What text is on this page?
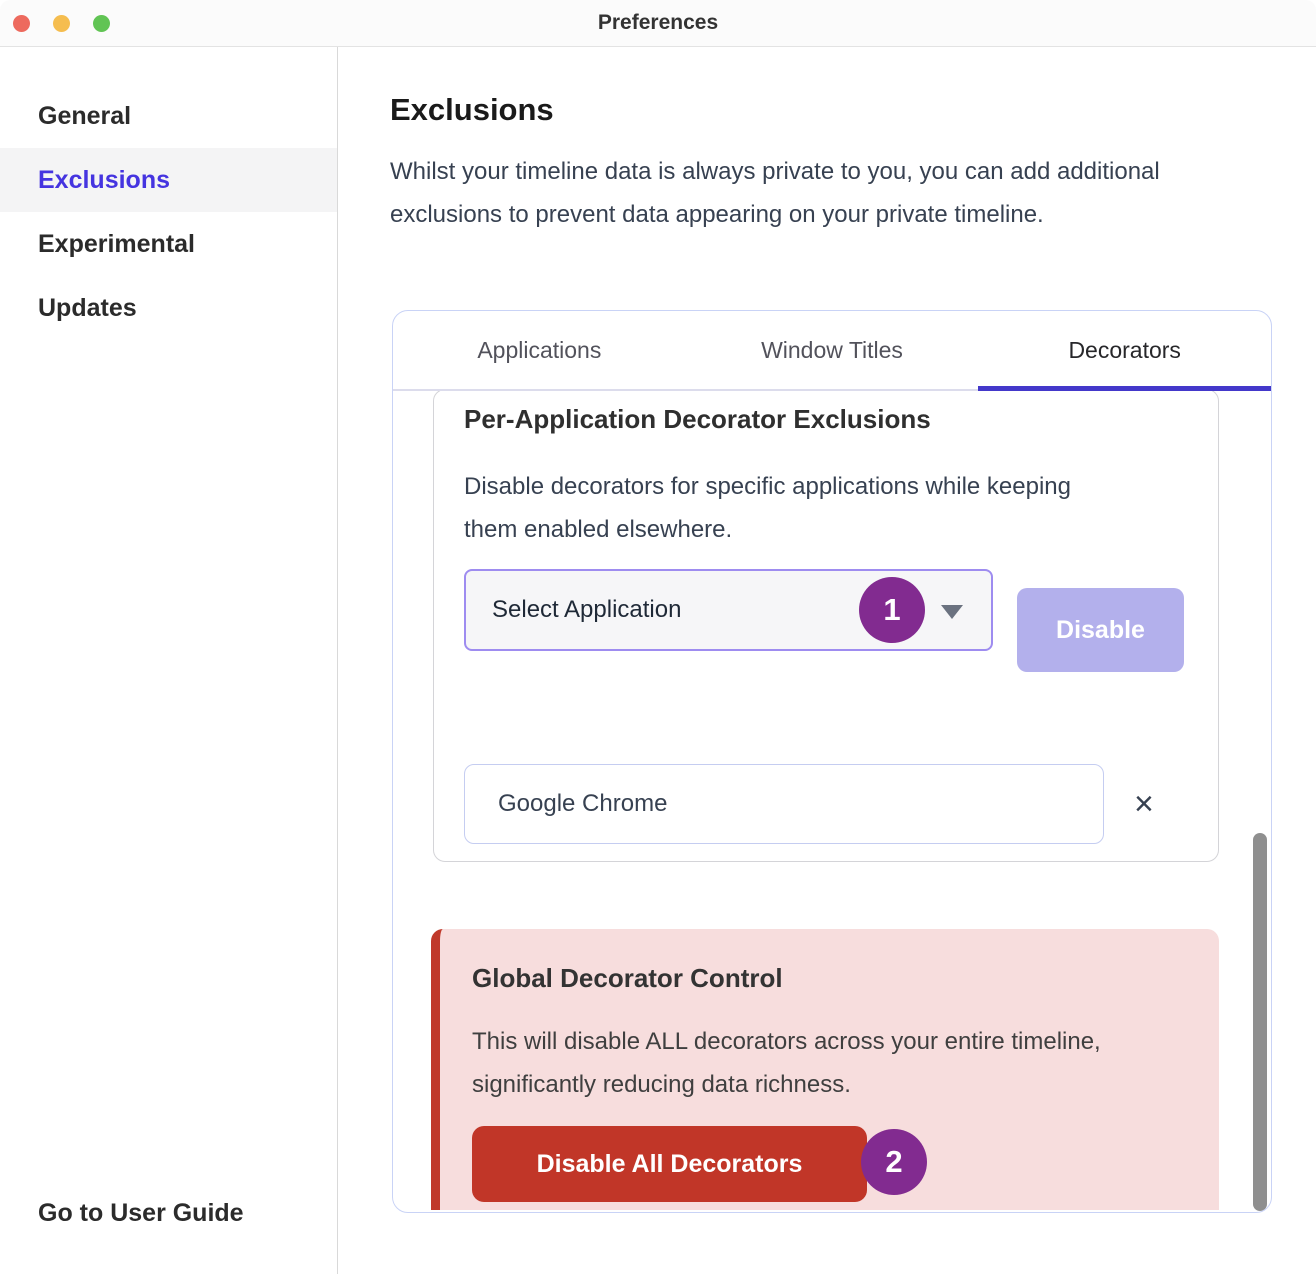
Preferences
General
Exclusions
Experimental
Updates
Go to User Guide
Exclusions

Whilst your timeline data is always private to you, you can add additional exclusions to prevent data appearing on your private timeline.

Applications	Window Titles	Decorators
Per-Application Decorator Exclusions

Disable decorators for specific applications while keeping them enabled elsewhere.

Select Application	1
Disable
Google Chrome	×
Global Decorator Control

This will disable ALL decorators across your entire timeline, significantly reducing data richness.

Disable All Decorators	2
